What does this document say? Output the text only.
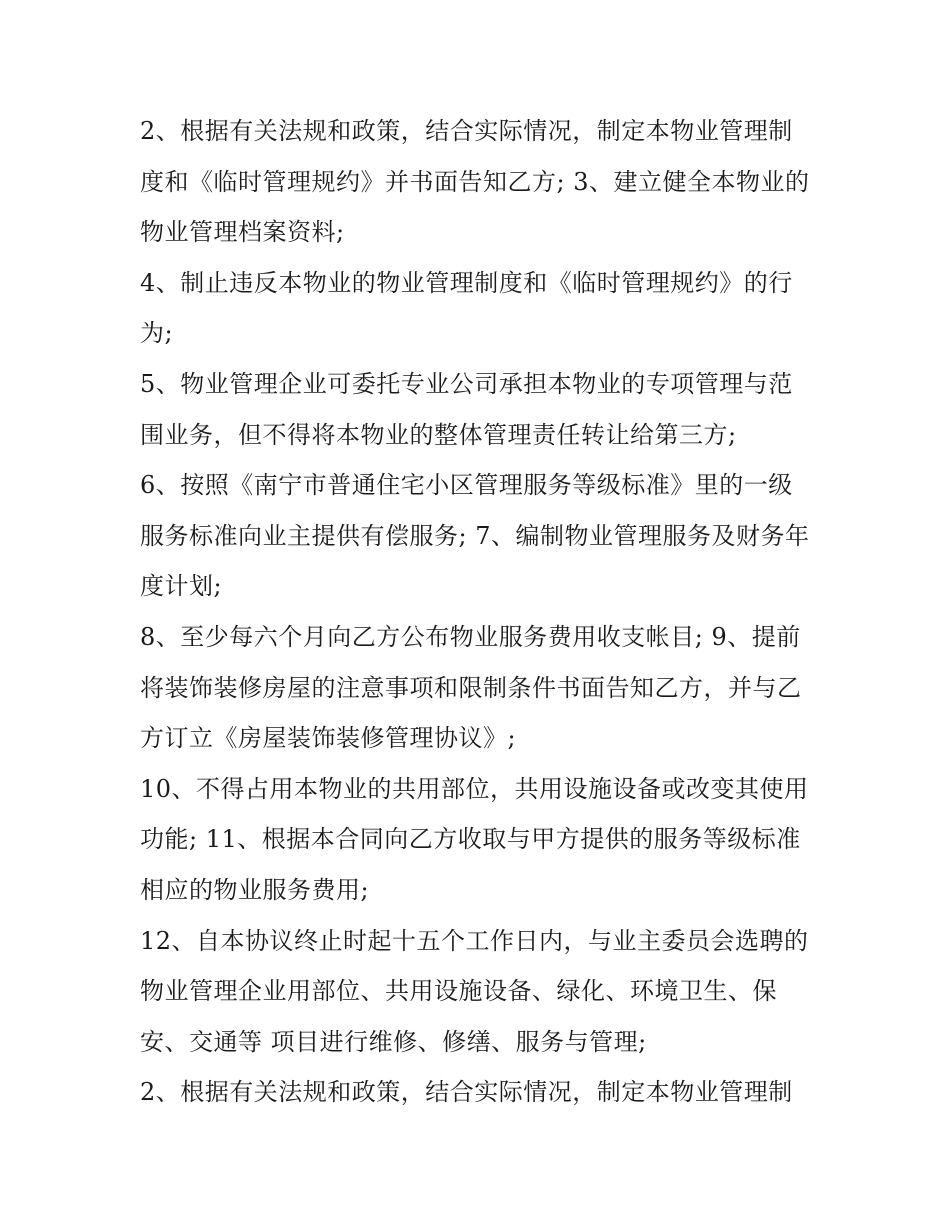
2、根据有关法规和政策，结合实际情况，制定本物业管理制
度和《临时管理规约》并书面告知乙方; 3、建立健全本物业的
物业管理档案资料;
4、制止违反本物业的物业管理制度和《临时管理规约》的行
为;
5、物业管理企业可委托专业公司承担本物业的专项管理与范
围业务，但不得将本物业的整体管理责任转让给第三方;
6、按照《南宁市普通住宅小区管理服务等级标准》里的一级
服务标准向业主提供有偿服务; 7、编制物业管理服务及财务年
度计划;
8、至少每六个月向乙方公布物业服务费用收支帐目; 9、提前
将装饰装修房屋的注意事项和限制条件书面告知乙方，并与乙
方订立《房屋装饰装修管理协议》;
10、不得占用本物业的共用部位，共用设施设备或改变其使用
功能; 11、根据本合同向乙方收取与甲方提供的服务等级标准
相应的物业服务费用;
12、自本协议终止时起十五个工作日内，与业主委员会选聘的
物业管理企业用部位、共用设施设备、绿化、环境卫生、保
安、交通等 项目进行维修、修缮、服务与管理;
2、根据有关法规和政策，结合实际情况，制定本物业管理制
